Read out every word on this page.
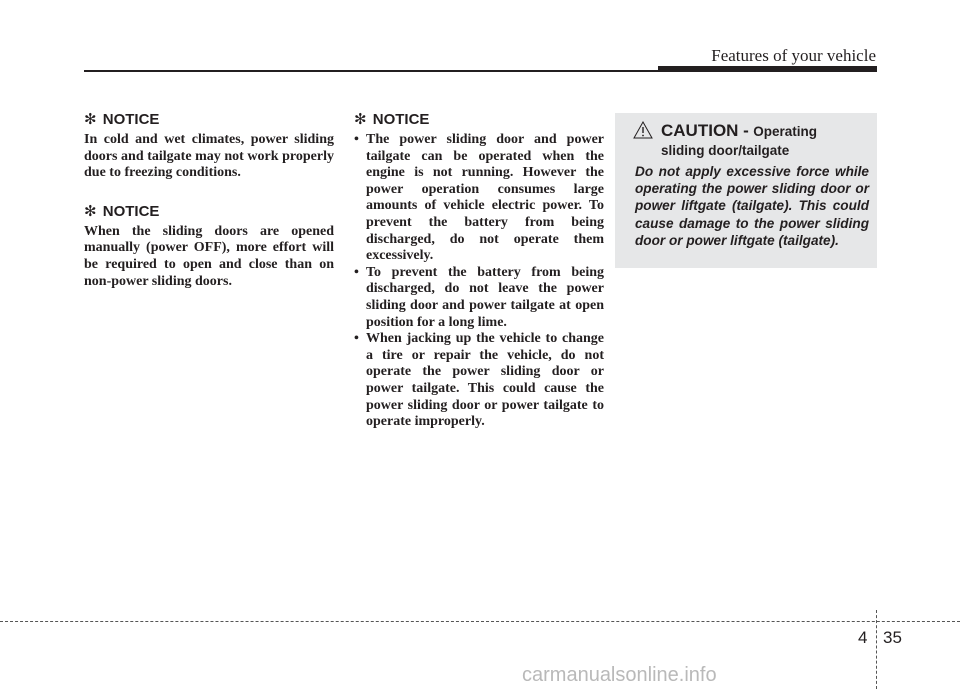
Features of your vehicle

✻ NOTICE

In cold and wet climates, power sliding doors and tailgate may not work properly due to freezing conditions.

✻ NOTICE

When the sliding doors are opened manually (power OFF), more effort will be required to open and close than on non-power sliding doors.

✻ NOTICE

• The power sliding door and power tailgate can be operated when the engine is not running. However the power operation consumes large amounts of vehicle electric power. To prevent the battery from being discharged, do not operate them excessively.
• To prevent the battery from being discharged, do not leave the power sliding door and power tailgate at open position for a long lime.
• When jacking up the vehicle to change a tire or repair the vehicle, do not operate the power sliding door or power tailgate. This could cause the power sliding door or power tailgate to operate improperly.
CAUTION - Operating
sliding door/tailgate

Do not apply excessive force while operating the power sliding door or power liftgate (tailgate). This could cause damage to the power sliding door or power liftgate (tailgate).

4 35
carmanualsonline.info
